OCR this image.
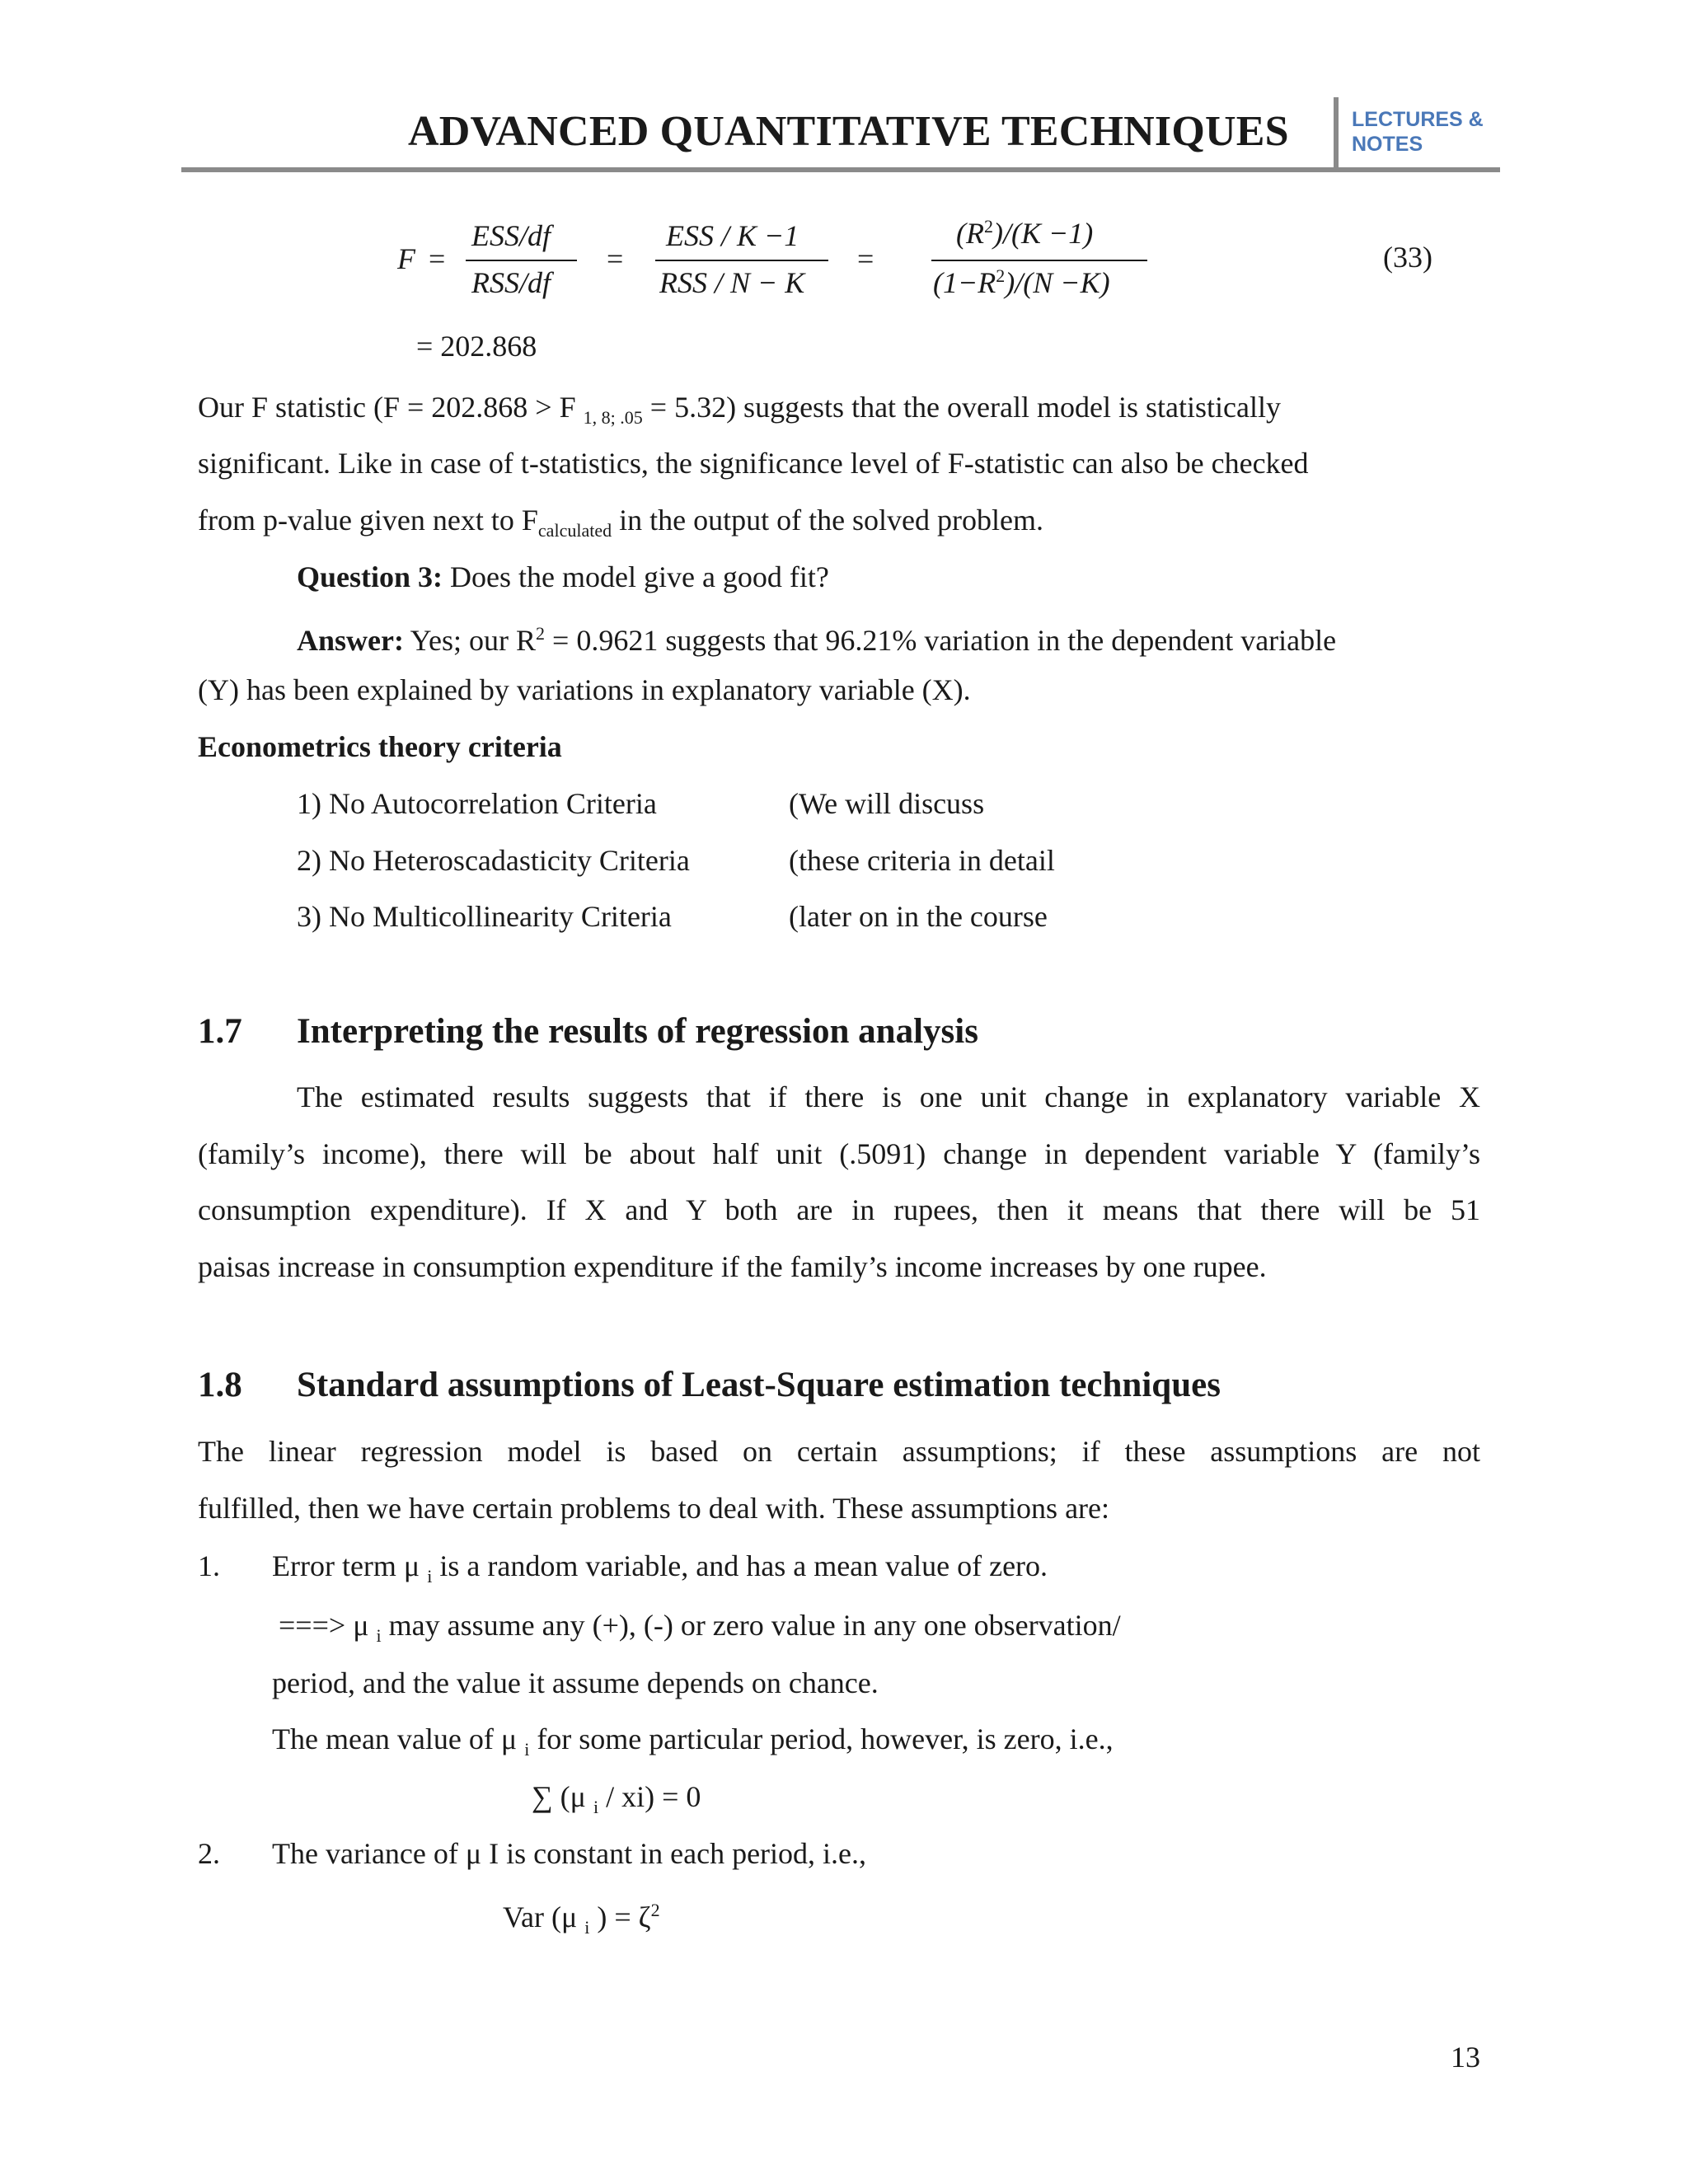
ADVANCED QUANTITATIVE TECHNIQUES	LECTURES &
NOTES
F =
ESS/df
RSS/df
=
ESS / K −1
RSS / N − K
=
$(R^2)/(K -1)$
$(1-R^2)/(N -K)$
(33)
= 202.868
Our F statistic (F = 202.868 > F $_{1, 8; .05}$ = 5.32) suggests that the overall model is statistically
significant. Like in case of t-statistics, the significance level of F-statistic can also be checked
from p-value given next to $F_{calculated}$ in the output of the solved problem.
Question 3: Does the model give a good fit?
Answer: Yes; our $R^2 = 0.9621$ suggests that 96.21% variation in the dependent variable
(Y) has been explained by variations in explanatory variable (X).
Econometrics theory criteria
1) No Autocorrelation Criteria	(We will discuss
2) No Heteroscadasticity Criteria	(these criteria in detail
3) No Multicollinearity Criteria	(later on in the course
1.7 Interpreting the results of regression analysis
The estimated results suggests that if there is one unit change in explanatory variable X
(family’s income), there will be about half unit (.5091) change in dependent variable Y (family’s
consumption expenditure). If X and Y both are in rupees, then it means that there will be 51
paisas increase in consumption expenditure if the family’s income increases by one rupee.
1.8 Standard assumptions of Least-Square estimation techniques
The linear regression model is based on certain assumptions; if these assumptions are not
fulfilled, then we have certain problems to deal with. These assumptions are:
1. Error term μ $_i$ is a random variable, and has a mean value of zero.
===> μ $_i$ may assume any (+), (-) or zero value in any one observation/
period, and the value it assume depends on chance.
The mean value of μ $_i$ for some particular period, however, is zero, i.e.,
∑ (μ $_i$ / xi) = 0
2. The variance of μ I is constant in each period, i.e.,
Var (μ $_i$ ) = $\zeta^2$
13
